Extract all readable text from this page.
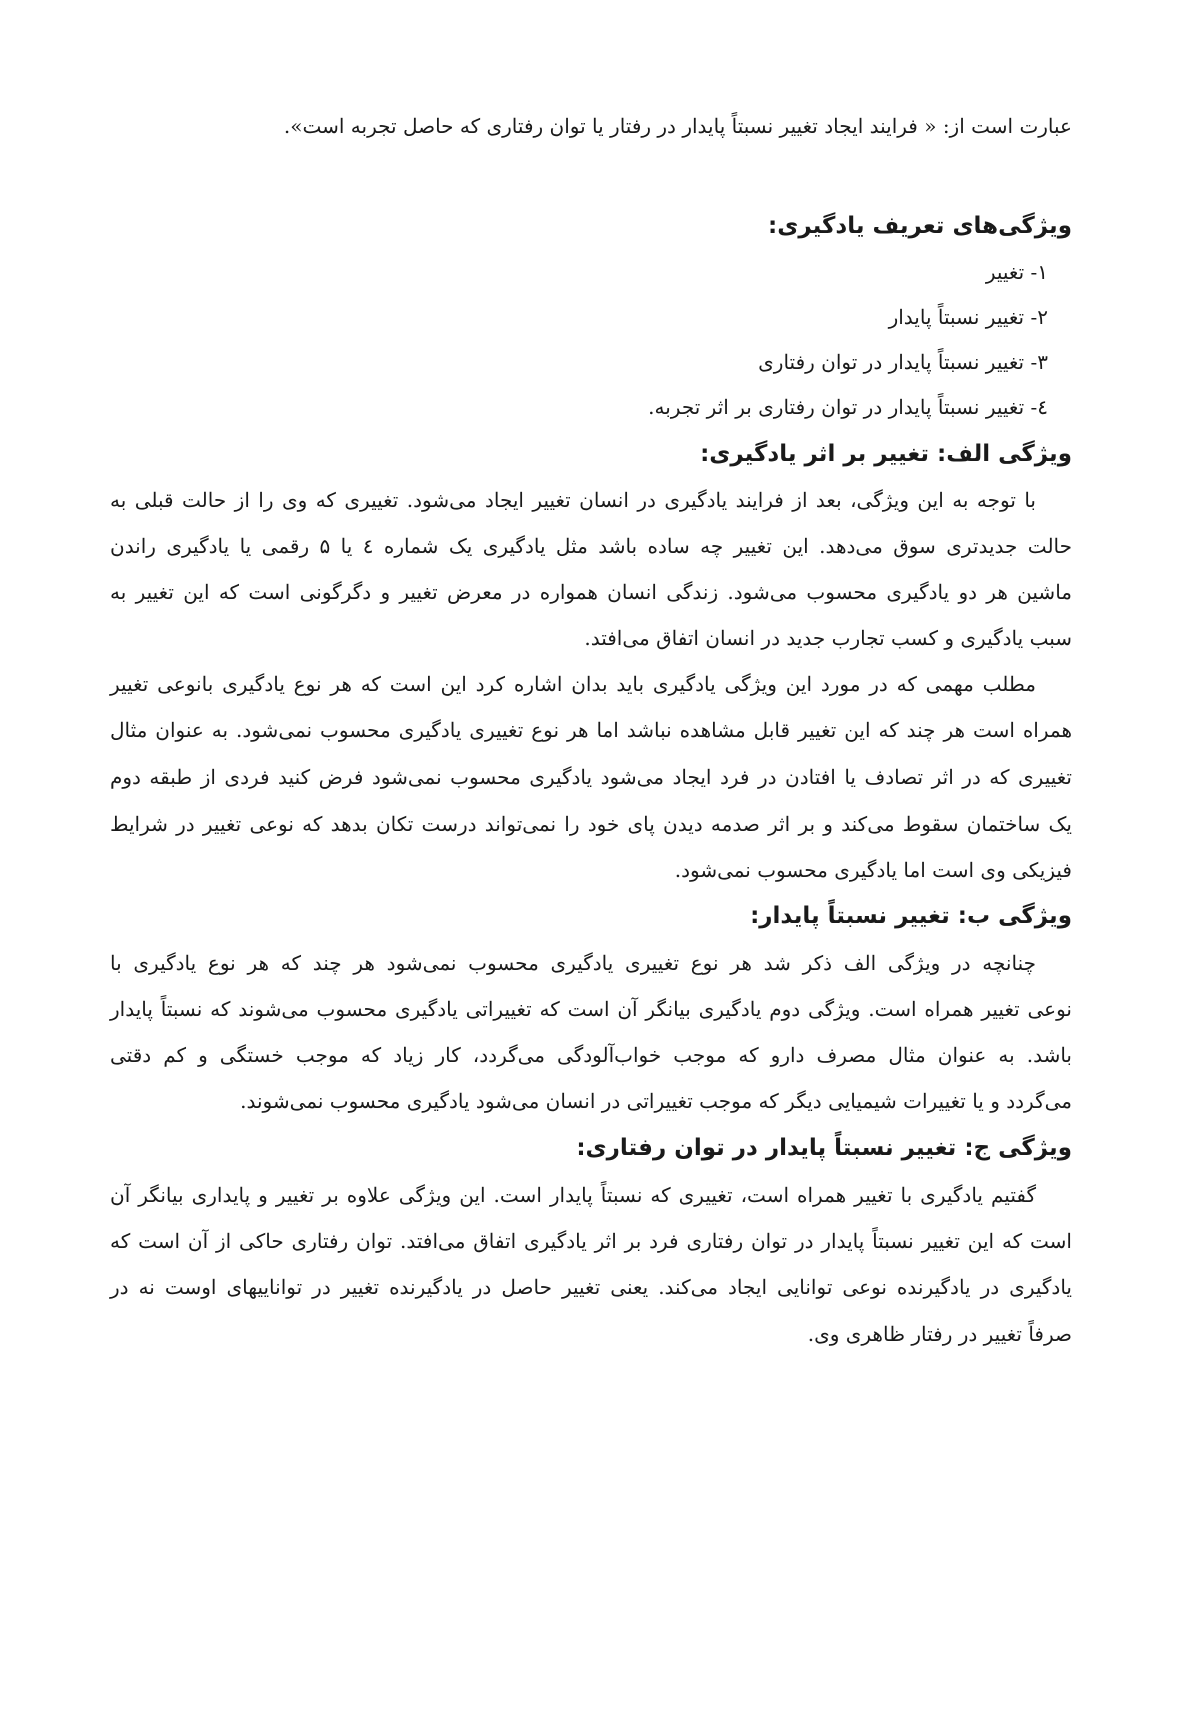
عبارت است از: « فرایند ایجاد تغییر نسبتاً پایدار در رفتار یا توان رفتاری که حاصل تجربه است».
ویژگی‌های تعریف یادگیری:
۱- تغییر
۲- تغییر نسبتاً پایدار
۳- تغییر نسبتاً پایدار در توان رفتاری
٤- تغییر نسبتاً پایدار در توان رفتاری بر اثر تجربه.
ویژگی الف: تغییر بر اثر یادگیری:
با توجه به این ویژگی، بعد از فرایند یادگیری در انسان تغییر ایجاد می‌شود. تغییری که وی را از حالت قبلی به
حالت جدیدتری سوق می‌دهد. این تغییر چه ساده باشد مثل یادگیری یک شماره ٤ یا ۵ رقمی یا یادگیری راندن
ماشین هر دو یادگیری محسوب می‌شود. زندگی انسان همواره در معرض تغییر و دگرگونی است که این تغییر به
سبب یادگیری و کسب تجارب جدید در انسان اتفاق می‌افتد.
مطلب مهمی که در مورد این ویژگی یادگیری باید بدان اشاره کرد این است که هر نوع یادگیری بانوعی تغییر
همراه است هر چند که این تغییر قابل مشاهده نباشد اما هر نوع تغییری یادگیری محسوب نمی‌شود. به عنوان مثال
تغییری که در اثر تصادف یا افتادن در فرد ایجاد می‌شود یادگیری محسوب نمی‌شود فرض کنید فردی از طبقه دوم
یک ساختمان سقوط می‌کند و بر اثر صدمه دیدن پای خود را نمی‌تواند درست تکان بدهد که نوعی تغییر در شرایط
فیزیکی وی است اما یادگیری محسوب نمی‌شود.
ویژگی ب: تغییر نسبتاً پایدار:
چنانچه در ویژگی الف ذکر شد هر نوع تغییری یادگیری محسوب نمی‌شود هر چند که هر نوع یادگیری با
نوعی تغییر همراه است. ویژگی دوم یادگیری بیانگر آن است که تغییراتی یادگیری محسوب می‌شوند که نسبتاً پایدار
باشد. به عنوان مثال مصرف دارو که موجب خواب‌آلودگی می‌گردد، کار زیاد که موجب خستگی و کم دقتی
می‌گردد و یا تغییرات شیمیایی دیگر که موجب تغییراتی در انسان می‌شود یادگیری محسوب نمی‌شوند.
ویژگی ج: تغییر نسبتاً پایدار در توان رفتاری:
گفتیم یادگیری با تغییر همراه است، تغییری که نسبتاً پایدار است. این ویژگی علاوه بر تغییر و پایداری بیانگر آن
است که این تغییر نسبتاً پایدار در توان رفتاری فرد بر اثر یادگیری اتفاق می‌افتد. توان رفتاری حاکی از آن است که
یادگیری در یادگیرنده نوعی توانایی ایجاد می‌کند. یعنی تغییر حاصل در یادگیرنده تغییر در تواناییهای اوست نه در
صرفاً تغییر در رفتار ظاهری وی.
